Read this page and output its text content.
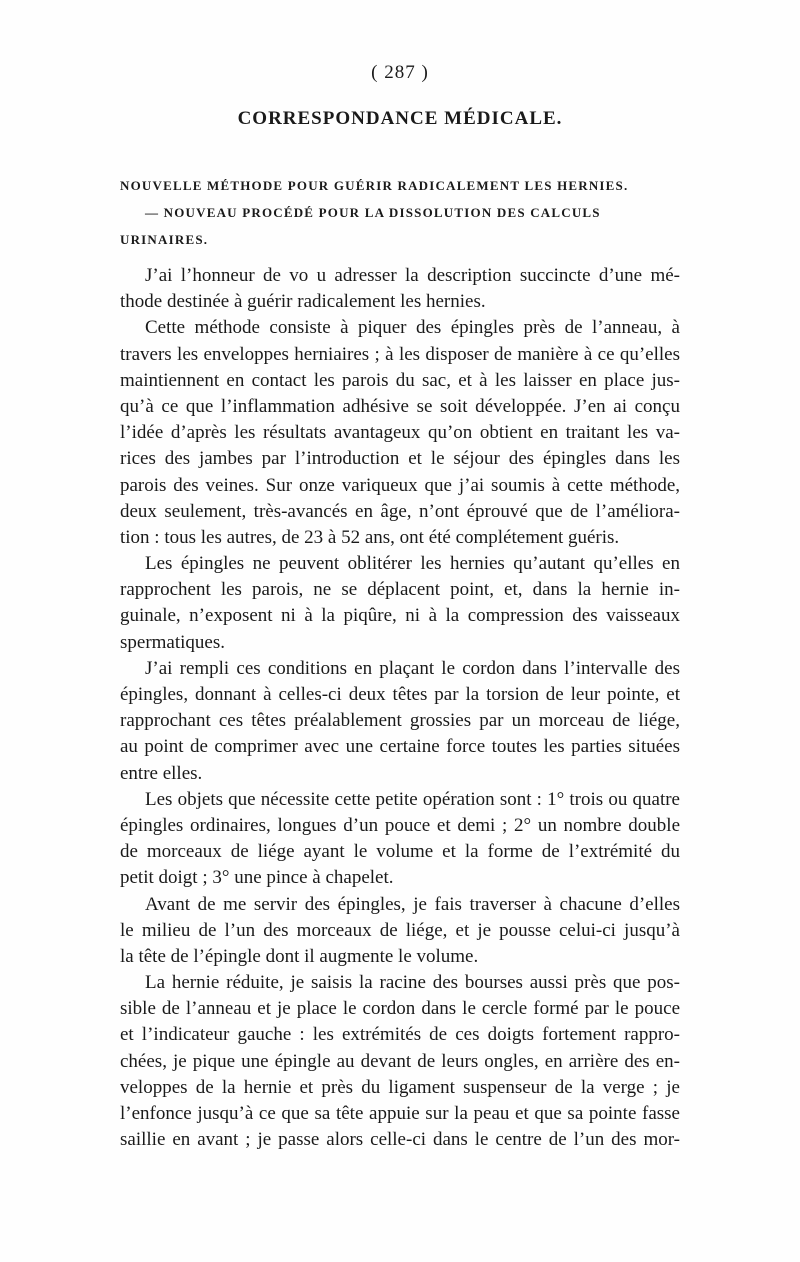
( 287 )
CORRESPONDANCE MÉDICALE.
NOUVELLE MÉTHODE POUR GUÉRIR RADICALEMENT LES HERNIES.
— NOUVEAU PROCÉDÉ POUR LA DISSOLUTION DES CALCULS
URINAIRES.
J’ai l’honneur de vo u adresser la description succincte d’une mé-
thode destinée à guérir radicalement les hernies.
Cette méthode consiste à piquer des épingles près de l’anneau, à
travers les enveloppes herniaires ; à les disposer de manière à ce qu’elles
maintiennent en contact les parois du sac, et à les laisser en place jus-
qu’à ce que l’inflammation adhésive se soit développée. J’en ai conçu
l’idée d’après les résultats avantageux qu’on obtient en traitant les va-
rices des jambes par l’introduction et le séjour des épingles dans les
parois des veines. Sur onze variqueux que j’ai soumis à cette méthode,
deux seulement, très-avancés en âge, n’ont éprouvé que de l’améliora-
tion : tous les autres, de 23 à 52 ans, ont été complétement guéris.
Les épingles ne peuvent oblitérer les hernies qu’autant qu’elles en
rapprochent les parois, ne se déplacent point, et, dans la hernie in-
guinale, n’exposent ni à la piqûre, ni à la compression des vaisseaux
spermatiques.
J’ai rempli ces conditions en plaçant le cordon dans l’intervalle des
épingles, donnant à celles-ci deux têtes par la torsion de leur pointe, et
rapprochant ces têtes préalablement grossies par un morceau de liége,
au point de comprimer avec une certaine force toutes les parties situées
entre elles.
Les objets que nécessite cette petite opération sont : 1° trois ou quatre
épingles ordinaires, longues d’un pouce et demi ; 2° un nombre double
de morceaux de liége ayant le volume et la forme de l’extrémité du
petit doigt ; 3° une pince à chapelet.
Avant de me servir des épingles, je fais traverser à chacune d’elles
le milieu de l’un des morceaux de liége, et je pousse celui-ci jusqu’à
la tête de l’épingle dont il augmente le volume.
La hernie réduite, je saisis la racine des bourses aussi près que pos-
sible de l’anneau et je place le cordon dans le cercle formé par le pouce
et l’indicateur gauche : les extrémités de ces doigts fortement rappro-
chées, je pique une épingle au devant de leurs ongles, en arrière des en-
veloppes de la hernie et près du ligament suspenseur de la verge ; je
l’enfonce jusqu’à ce que sa tête appuie sur la peau et que sa pointe fasse
saillie en avant ; je passe alors celle-ci dans le centre de l’un des mor-
